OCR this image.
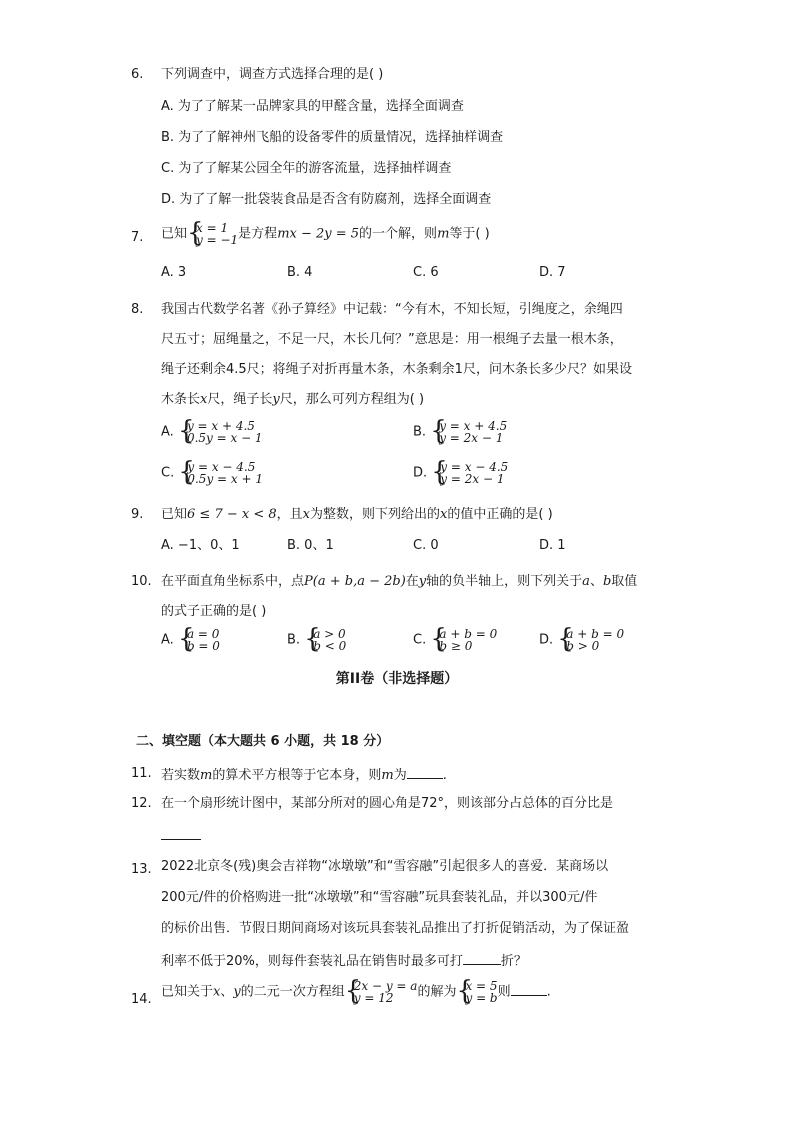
6. 下列调查中，调查方式选择合理的是( )
A. 为了了解某一品牌家具的甲醛含量，选择全面调查
B. 为了了解神州飞船的设备零件的质量情况，选择抽样调查
C. 为了了解某公园全年的游客流量，选择抽样调查
D. 为了了解一批袋装食品是否含有防腐剂，选择全面调查
7. 已知 {
x = 1
y = −1 是方程mx − 2y = 5的一个解，则m等于( )
A. 3	B. 4	C. 6	D. 7
8. 我国古代数学名著《孙子算经》中记载：“今有木，不知长短，引绳度之，余绳四
尺五寸；屈绳量之，不足一尺，木长几何？”意思是：用一根绳子去量一根木条，
绳子还剩余4.5尺；将绳子对折再量木条，木条剩余1尺，问木条长多少尺？如果设
木条长x尺，绳子长y尺，那么可列方程组为( )
A. {
y = x + 4.5
0.5y = x − 1	B. {
y = x + 4.5
y = 2x − 1
C. {
y = x − 4.5
0.5y = x + 1	D. {
y = x − 4.5
y = 2x − 1
9. 已知6 ≤ 7 − x < 8，且x为整数，则下列给出的x的值中正确的是( )
A. −1、0、1	B. 0、1	C. 0	D. 1
10. 在平面直角坐标系中，点P(a + b,a − 2b)在y轴的负半轴上，则下列关于a、b取值
的式子正确的是( )
A. {
a = 0
b = 0	B. {
a > 0
b < 0	C. {
a + b = 0
b ≥ 0	D. {
a + b = 0
b > 0
第II卷（非选择题）
二、填空题（本大题共 6 小题，共 18 分）
11. 若实数m的算术平方根等于它本身，则m为	.
12. 在一个扇形统计图中，某部分所对的圆心角是72°，则该部分占总体的百分比是
13. 2022北京冬(残)奥会吉祥物“冰墩墩”和“雪容融”引起很多人的喜爱．某商场以
200元/件的价格购进一批“冰墩墩”和“雪容融”玩具套装礼品，并以300元/件
的标价出售．节假日期间商场对该玩具套装礼品推出了打折促销活动，为了保证盈
利率不低于20%，则每件套装礼品在销售时最多可打	折？
14. 已知关于x、y的二元一次方程组 {
2x − y = a
y = 12	的解为 {
x = 5
y = b 则	.
